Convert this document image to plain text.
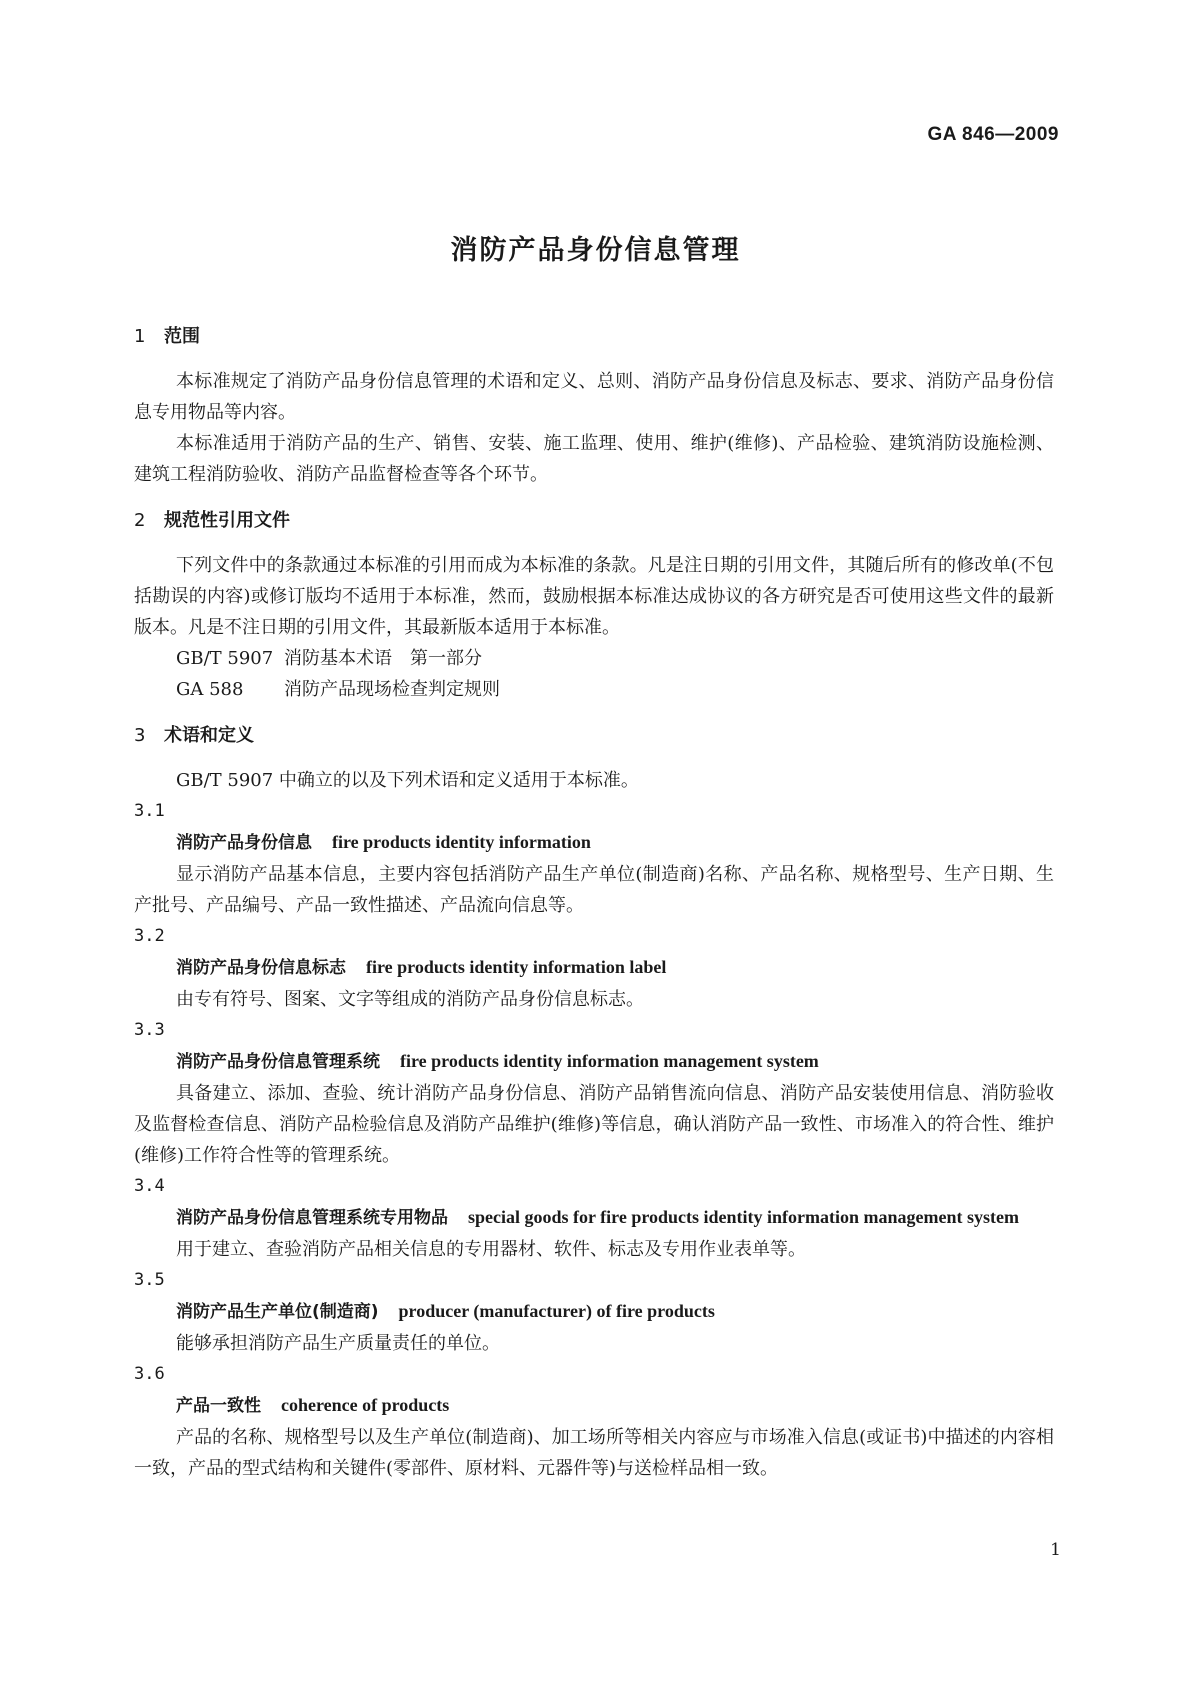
GA 846—2009
消防产品身份信息管理
1 范围

本标准规定了消防产品身份信息管理的术语和定义、总则、消防产品身份信息及标志、要求、消防产品身份信息专用物品等内容。

本标准适用于消防产品的生产、销售、安装、施工监理、使用、维护(维修)、产品检验、建筑消防设施检测、建筑工程消防验收、消防产品监督检查等各个环节。

2 规范性引用文件

下列文件中的条款通过本标准的引用而成为本标准的条款。凡是注日期的引用文件，其随后所有的修改单(不包括勘误的内容)或修订版均不适用于本标准，然而，鼓励根据本标准达成协议的各方研究是否可使用这些文件的最新版本。凡是不注日期的引用文件，其最新版本适用于本标准。

GB/T 5907 消防基本术语　第一部分

GA 588 消防产品现场检查判定规则

3 术语和定义

GB/T 5907 中确立的以及下列术语和定义适用于本标准。

3.1

消防产品身份信息 fire products identity information

显示消防产品基本信息，主要内容包括消防产品生产单位(制造商)名称、产品名称、规格型号、生产日期、生产批号、产品编号、产品一致性描述、产品流向信息等。

3.2

消防产品身份信息标志 fire products identity information label

由专有符号、图案、文字等组成的消防产品身份信息标志。

3.3

消防产品身份信息管理系统 fire products identity information management system

具备建立、添加、查验、统计消防产品身份信息、消防产品销售流向信息、消防产品安装使用信息、消防验收及监督检查信息、消防产品检验信息及消防产品维护(维修)等信息，确认消防产品一致性、市场准入的符合性、维护(维修)工作符合性等的管理系统。

3.4

消防产品身份信息管理系统专用物品 special goods for fire products identity information management system

用于建立、查验消防产品相关信息的专用器材、软件、标志及专用作业表单等。

3.5

消防产品生产单位(制造商) producer (manufacturer) of fire products

能够承担消防产品生产质量责任的单位。

3.6

产品一致性 coherence of products

产品的名称、规格型号以及生产单位(制造商)、加工场所等相关内容应与市场准入信息(或证书)中描述的内容相一致，产品的型式结构和关键件(零部件、原材料、元器件等)与送检样品相一致。

1
